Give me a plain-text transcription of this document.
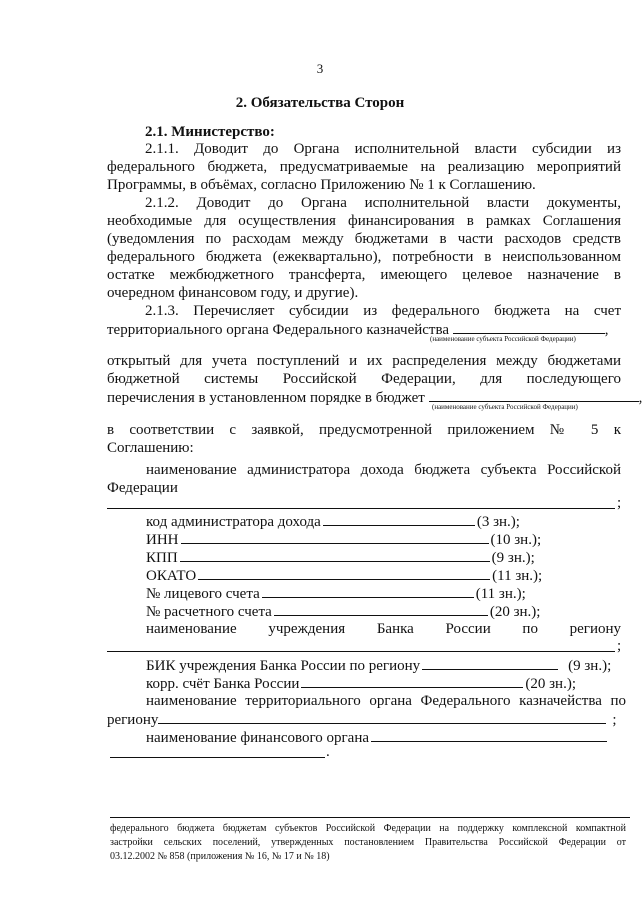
3
2. Обязательства Сторон
2.1. Министерство:
2.1.1. Доводит до Органа исполнительной власти субсидии из
федерального бюджета, предусматриваемые на реализацию мероприятий
Программы, в объёмах, согласно Приложению № 1 к Соглашению.
2.1.2. Доводит до Органа исполнительной власти документы,
необходимые для осуществления финансирования в рамках Соглашения
(уведомления по расходам между бюджетами в части расходов средств
федерального бюджета (ежеквартально), потребности в неиспользованном
остатке межбюджетного трансферта, имеющего целевое назначение в
очередном финансовом году, и другие).
2.1.3. Перечисляет субсидии из федерального бюджета на счет
территориального органа Федерального казначейства	,
(наименование субъекта Российской Федерации)
открытый для учета поступлений и их распределения между бюджетами
бюджетной системы Российской Федерации, для последующего
перечисления в установленном порядке в бюджет	,
(наименование субъекта Российской Федерации)
в соответствии с заявкой, предусмотренной приложением № 5 к
Соглашению:
наименование администратора дохода бюджета субъекта Российской
Федерации
;
код администратора дохода	(3 зн.);
ИНН	(10 зн.);
КПП	(9 зн.);
ОКАТО	(11 зн.);
№ лицевого счета	(11 зн.);
№ расчетного счета	(20 зн.);
наименование учреждения Банка России по региону
;
БИК учреждения Банка России по региону	(9 зн.);
корр. счёт Банка России	(20 зн.);
наименование территориального органа Федерального казначейства по
региону	;
наименование финансового органа
.
федерального бюджета бюджетам субъектов Российской Федерации на поддержку комплексной компактной
застройки сельских поселений, утвержденных постановлением Правительства Российской Федерации от
03.12.2002 № 858 (приложения № 16, № 17 и № 18)
